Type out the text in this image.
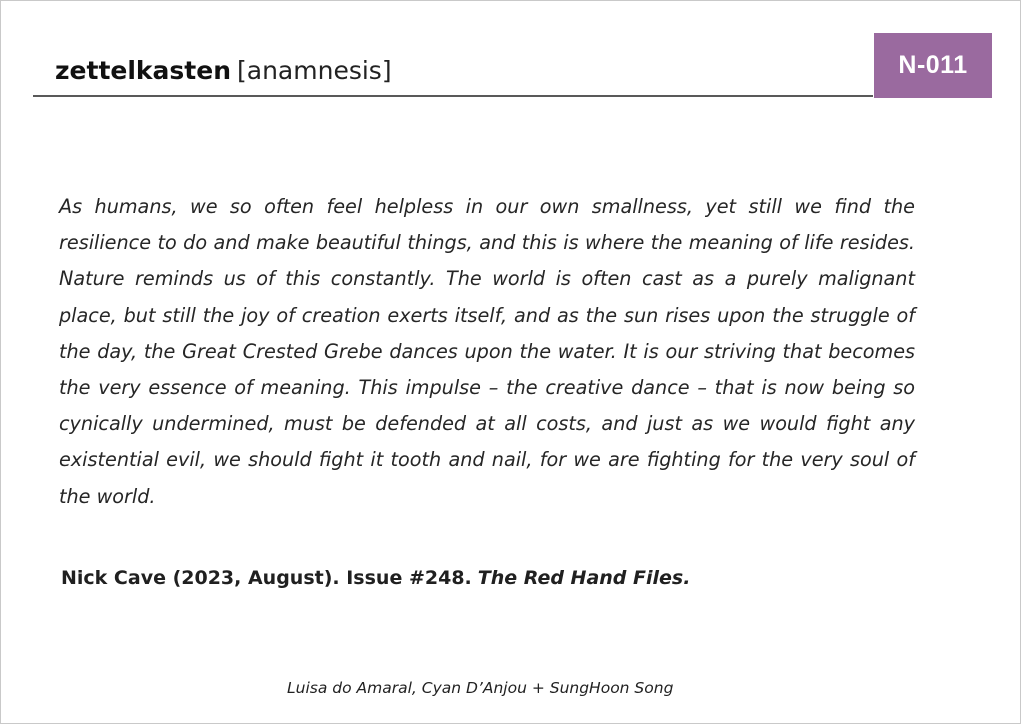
zettelkasten [anamnesis]	N-011

As humans, we so often feel helpless in our own smallness, yet still we find the resilience to do and make beautiful things, and this is where the meaning of life resides. Nature reminds us of this constantly. The world is often cast as a purely malignant place, but still the joy of creation exerts itself, and as the sun rises upon the struggle of the day, the Great Crested Grebe dances upon the water. It is our striving that becomes the very essence of meaning. This impulse – the creative dance – that is now being so cynically undermined, must be defended at all costs, and just as we would fight any existential evil, we should fight it tooth and nail, for we are fighting for the very soul of the world.

Nick Cave (2023, August). Issue #248. The Red Hand Files.
Luisa do Amaral, Cyan D’Anjou + SungHoon Song
